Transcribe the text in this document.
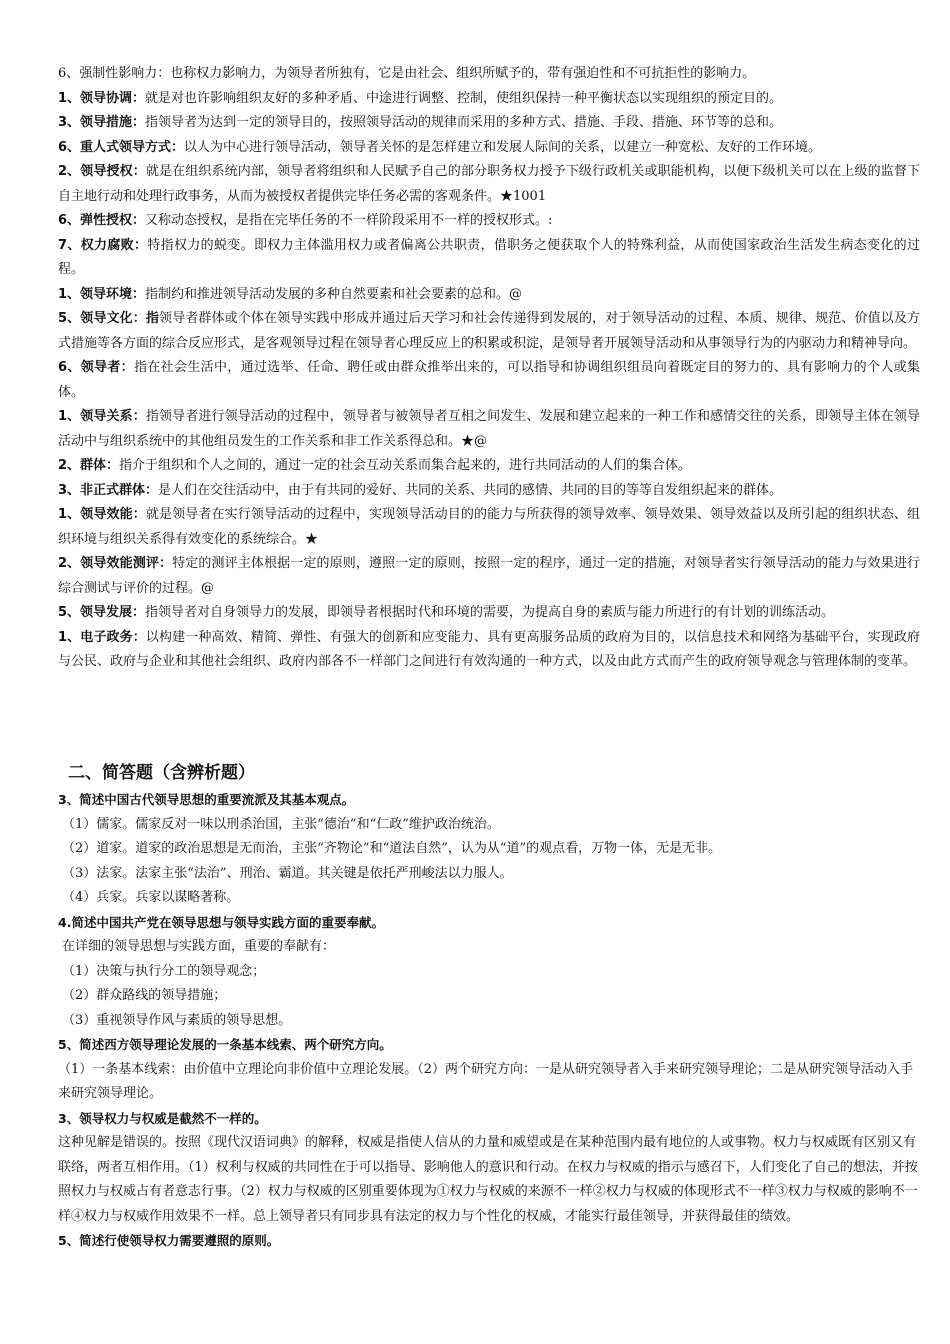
6、强制性影响力：也称权力影响力，为领导者所独有，它是由社会、组织所赋予的，带有强迫性和不可抗拒性的影响力。

1、领导协调：就是对也许影响组织友好的多种矛盾、中途进行调整、控制，使组织保持一种平衡状态以实现组织的预定目的。

3、领导措施：指领导者为达到一定的领导目的，按照领导活动的规律而采用的多种方式、措施、手段、措施、环节等的总和。

6、重人式领导方式：以人为中心进行领导活动，领导者关怀的是怎样建立和发展人际间的关系，以建立一种宽松、友好的工作环境。

2、领导授权：就是在组织系统内部，领导者将组织和人民赋予自己的部分职务权力授予下级行政机关或职能机构，以便下级机关可以在上级的监督下自主地行动和处理行政事务，从而为被授权者提供完毕任务必需的客观条件。★1001

6、弹性授权：又称动态授权，是指在完毕任务的不一样阶段采用不一样的授权形式。:

7、权力腐败：特指权力的蜕变。即权力主体滥用权力或者偏离公共职责，借职务之便获取个人的特殊利益，从而使国家政治生活发生病态变化的过程。

1、领导环境：指制约和推进领导活动发展的多种自然要素和社会要素的总和。@

5、领导文化：指领导者群体或个体在领导实践中形成并通过后天学习和社会传递得到发展的，对于领导活动的过程、本质、规律、规范、价值以及方式措施等各方面的综合反应形式，是客观领导过程在领导者心理反应上的积累或积淀，是领导者开展领导活动和从事领导行为的内驱动力和精神导向。

6、领导者：指在社会生活中，通过选举、任命、聘任或由群众推举出来的，可以指导和协调组织组员向着既定目的努力的、具有影响力的个人或集体。

1、领导关系：指领导者进行领导活动的过程中，领导者与被领导者互相之间发生、发展和建立起来的一种工作和感情交往的关系，即领导主体在领导活动中与组织系统中的其他组员发生的工作关系和非工作关系得总和。★@

2、群体：指介于组织和个人之间的，通过一定的社会互动关系而集合起来的，进行共同活动的人们的集合体。

3、非正式群体：是人们在交往活动中，由于有共同的爱好、共同的关系、共同的感情、共同的目的等等自发组织起来的群体。

1、领导效能：就是领导者在实行领导活动的过程中，实现领导活动目的的能力与所获得的领导效率、领导效果、领导效益以及所引起的组织状态、组织环境与组织关系得有效变化的系统综合。★

2、领导效能测评：特定的测评主体根据一定的原则，遵照一定的原则，按照一定的程序，通过一定的措施，对领导者实行领导活动的能力与效果进行综合测试与评价的过程。@

5、领导发展：指领导者对自身领导力的发展，即领导者根据时代和环境的需要，为提高自身的素质与能力所进行的有计划的训练活动。

1、电子政务：以构建一种高效、精简、弹性、有强大的创新和应变能力、具有更高服务品质的政府为目的，以信息技术和网络为基础平台，实现政府与公民、政府与企业和其他社会组织、政府内部各不一样部门之间进行有效沟通的一种方式，以及由此方式而产生的政府领导观念与管理体制的变革。

二、简答题（含辨析题）

3、简述中国古代领导思想的重要流派及其基本观点。

（1）儒家。儒家反对一味以刑杀治国，主张“德治”和“仁政”维护政治统治。

（2）道家。道家的政治思想是无而治，主张“齐物论”和“道法自然”，认为从“道”的观点看，万物一体，无是无非。

（3）法家。法家主张“法治”、刑治、霸道。其关键是依托严刑峻法以力服人。

（4）兵家。兵家以谋略著称。

4.简述中国共产党在领导思想与领导实践方面的重要奉献。

在详细的领导思想与实践方面，重要的奉献有：

（1）决策与执行分工的领导观念；

（2）群众路线的领导措施；

（3）重视领导作风与素质的领导思想。

5、简述西方领导理论发展的一条基本线索、两个研究方向。

（1）一条基本线索：由价值中立理论向非价值中立理论发展。（2）两个研究方向：一是从研究领导者入手来研究领导理论；二是从研究领导活动入手来研究领导理论。

3、领导权力与权威是截然不一样的。

这种见解是错误的。按照《现代汉语词典》的解释，权威是指使人信从的力量和威望或是在某种范围内最有地位的人或事物。权力与权威既有区别又有联络，两者互相作用。（1）权利与权威的共同性在于可以指导、影响他人的意识和行动。在权力与权威的指示与感召下，人们变化了自己的想法，并按照权力与权威占有者意志行事。（2）权力与权威的区别重要体现为①权力与权威的来源不一样②权力与权威的体现形式不一样③权力与权威的影响不一样④权力与权威作用效果不一样。总上领导者只有同步具有法定的权力与个性化的权威，才能实行最佳领导，并获得最佳的绩效。

5、简述行使领导权力需要遵照的原则。
